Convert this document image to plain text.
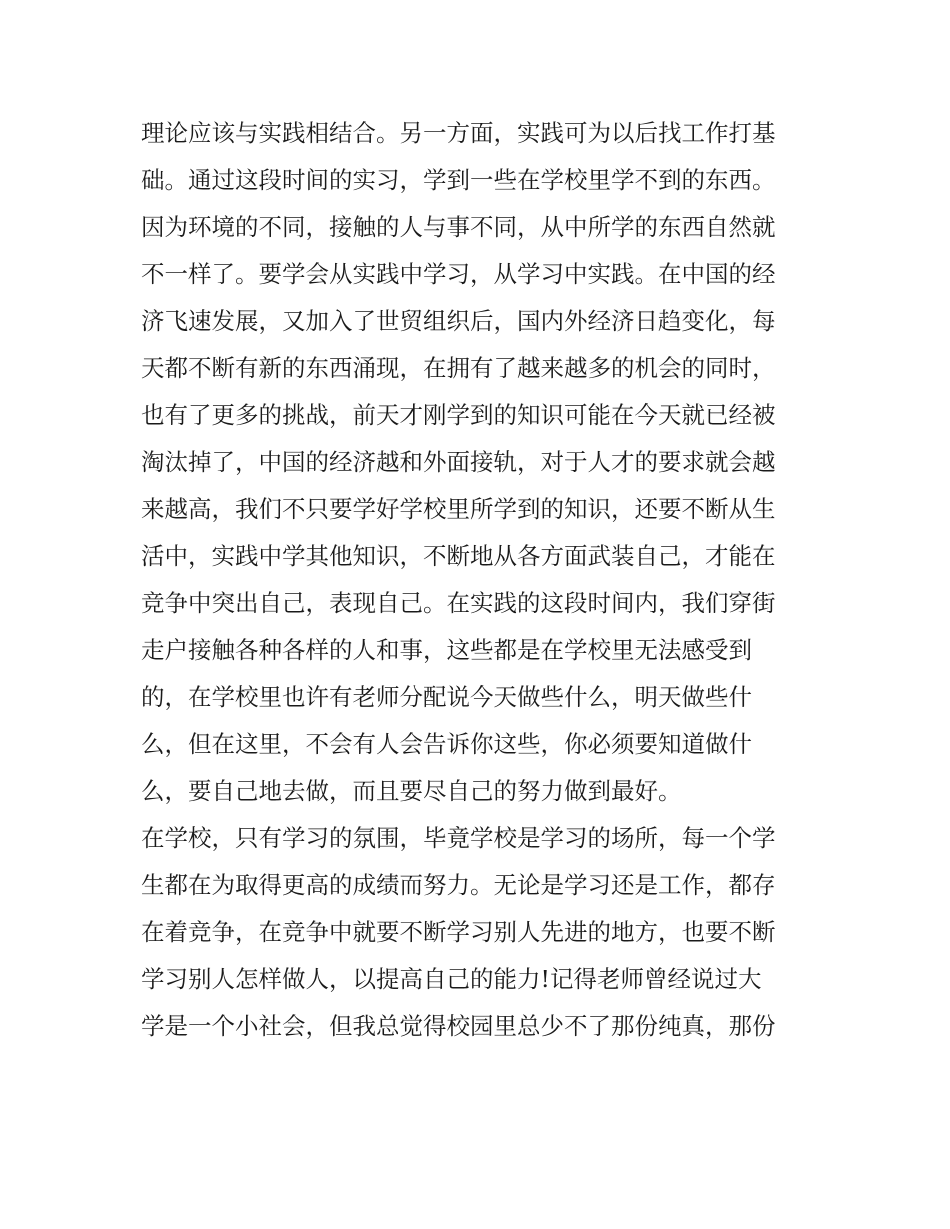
理论应该与实践相结合。另一方面，实践可为以后找工作打基
础。通过这段时间的实习，学到一些在学校里学不到的东西。
因为环境的不同，接触的人与事不同，从中所学的东西自然就
不一样了。要学会从实践中学习，从学习中实践。在中国的经
济飞速发展，又加入了世贸组织后，国内外经济日趋变化，每
天都不断有新的东西涌现，在拥有了越来越多的机会的同时，
也有了更多的挑战，前天才刚学到的知识可能在今天就已经被
淘汰掉了，中国的经济越和外面接轨，对于人才的要求就会越
来越高，我们不只要学好学校里所学到的知识，还要不断从生
活中，实践中学其他知识，不断地从各方面武装自己，才能在
竞争中突出自己，表现自己。在实践的这段时间内，我们穿街
走户接触各种各样的人和事，这些都是在学校里无法感受到
的，在学校里也许有老师分配说今天做些什么，明天做些什
么，但在这里，不会有人会告诉你这些，你必须要知道做什
么，要自己地去做，而且要尽自己的努力做到最好。
在学校，只有学习的氛围，毕竟学校是学习的场所，每一个学
生都在为取得更高的成绩而努力。无论是学习还是工作，都存
在着竞争，在竞争中就要不断学习别人先进的地方，也要不断
学习别人怎样做人，以提高自己的能力!记得老师曾经说过大
学是一个小社会，但我总觉得校园里总少不了那份纯真，那份
